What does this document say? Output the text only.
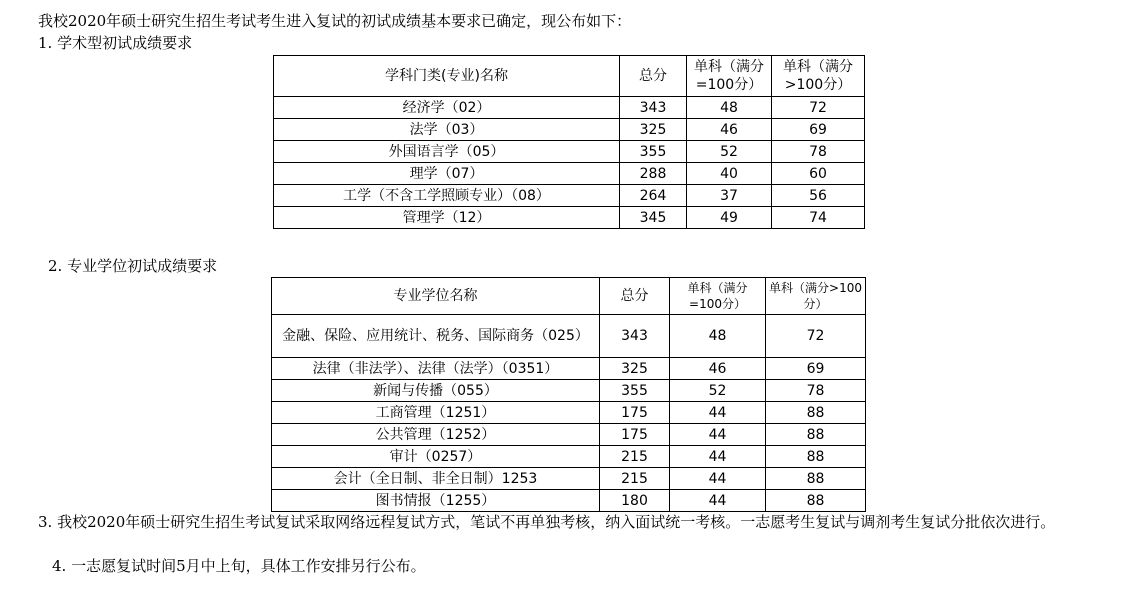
我校2020年硕士研究生招生考试考生进入复试的初试成绩基本要求已确定，现公布如下：
1. 学术型初试成绩要求
学科门类(专业)名称	总分	单科（满分=100分）	单科（满分>100分）
经济学（02）	343	48	72
法学（03）	325	46	69
外国语言学（05）	355	52	78
理学（07）	288	40	60
工学（不含工学照顾专业）（08）	264	37	56
管理学（12）	345	49	74
2. 专业学位初试成绩要求
专业学位名称	总分	单科（满分=100分）	单科（满分>100分）
金融、保险、应用统计、税务、国际商务（025）	343	48	72
法律（非法学）、法律（法学）（0351）	325	46	69
新闻与传播（055）	355	52	78
工商管理（1251）	175	44	88
公共管理（1252）	175	44	88
审计（0257）	215	44	88
会计（全日制、非全日制）1253	215	44	88
图书情报（1255）	180	44	88
3. 我校2020年硕士研究生招生考试复试采取网络远程复试方式，笔试不再单独考核，纳入面试统一考核。一志愿考生复试与调剂考生复试分批依次进行。
4. 一志愿复试时间5月中上旬，具体工作安排另行公布。
